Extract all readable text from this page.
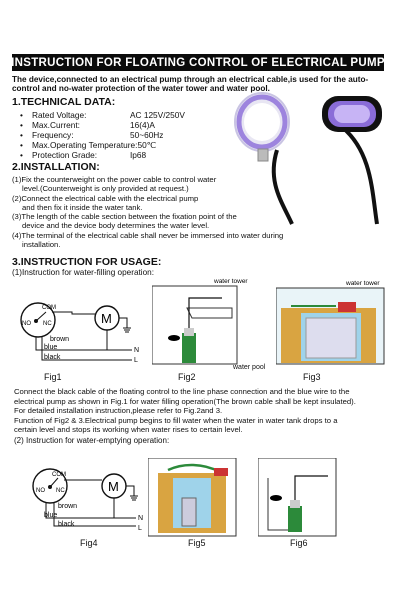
INSTRUCTION FOR FLOATING CONTROL OF ELECTRICAL PUMP
The device,connected to an electrical pump through an electrical cable,is used for the auto-control and no-water protection of the water tower and water pool.
1.TECHNICAL DATA:
•	Rated Voltage:	AC 125V/250V
•	Max.Current:	16(4)A
•	Frequency:	50~60Hz
•	Max.Operating Temperature: 50℃
•	Protection Grade:	Ip68
2.INSTALLATION:
(1)Fix the counterweight on the power cable to control water
level.(Counterweight is only provided at request.)
(2)Connect the electrical cable with the electrical pump
and then fix it inside the water tank.
(3)The length of the cable section between the fixation point of the
device and the device body determines the water level.
(4)The terminal of the electrical cable shall never be immersed into water during
installation.
3.INSTRUCTION FOR USAGE:
(1)Instruction for water-filling operation:
COM
NO NC	M
brown
blue
black
N
L
Fig1
water tower
Fig2
water pool
water tower
Fig3
Connect the black cable of the floating control to the line phase connection and the blue wire to the
electrical pump as shown in Fig.1 for water filling operation(The brown cable shall be kept insulated).
For detailed installation instruction,please refer to Fig.2and 3.
Function of Fig2 & 3.Electrical pump begins to fill water when the water in water tank drops to a
certain level and stops its working when water rises to certain level.
(2) Instruction for water-emptying operation:
COM
NO NC	M
brown
blue
black
N
L
Fig4	Fig5	Fig6
